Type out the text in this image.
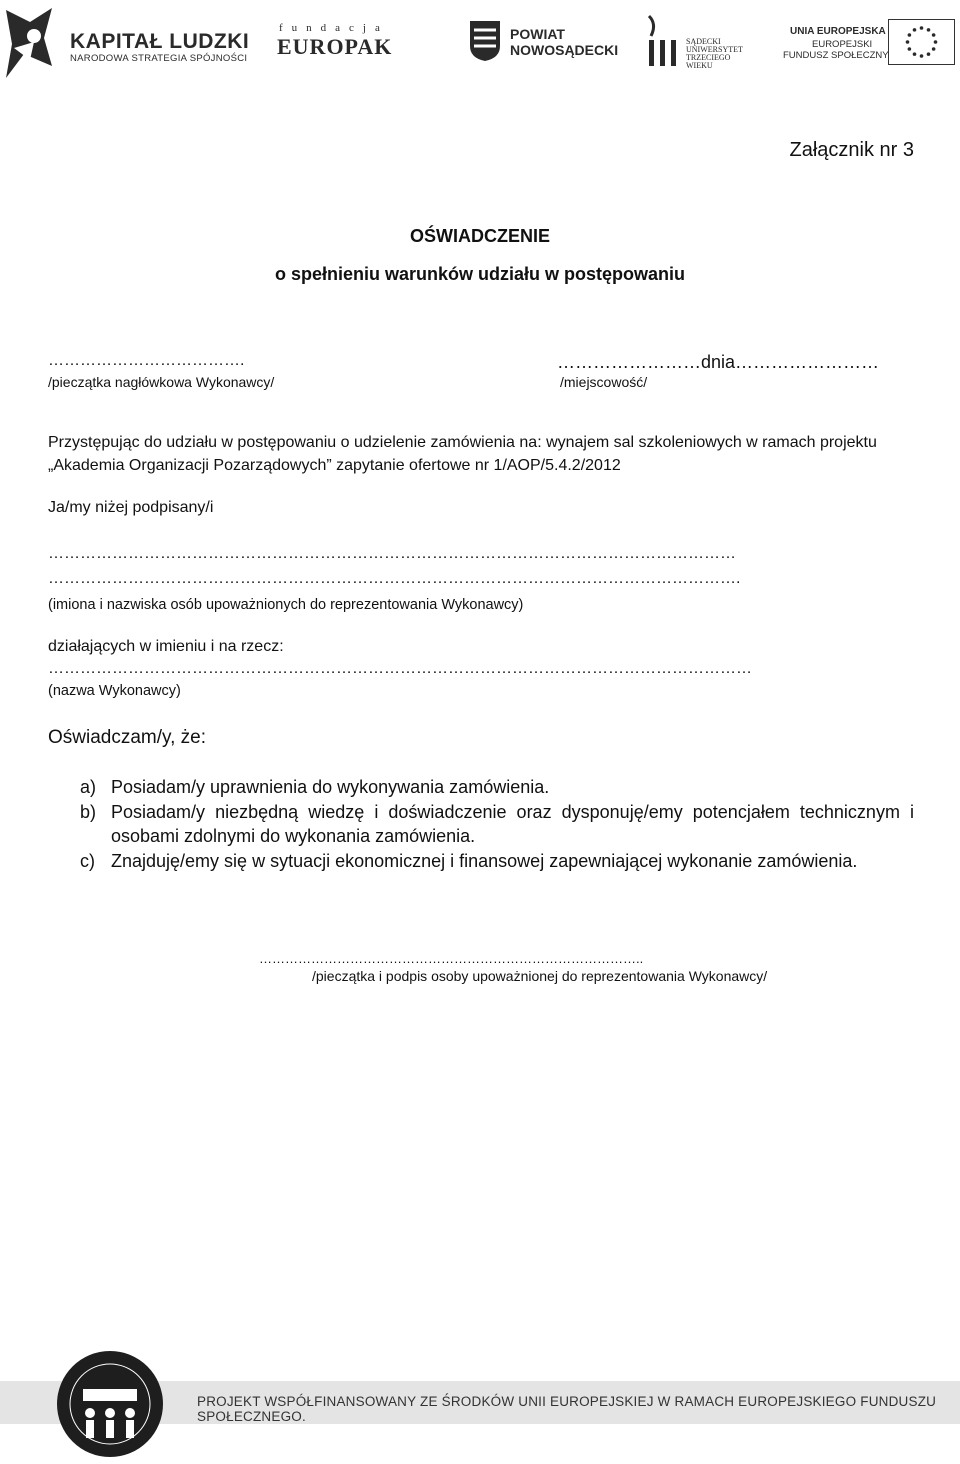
KAPITAŁ LUDZKI
NARODOWA STRATEGIA SPÓJNOŚCI
fundacja
EUROPAK	POWIAT
NOWOSĄDECKI
SĄDECKI
UNIWERSYTET
TRZECIEGO
WIEKU
UNIA EUROPEJSKA
EUROPEJSKI
FUNDUSZ SPOŁECZNY
Załącznik nr 3
OŚWIADCZENIE
o spełnieniu warunków udziału w postępowaniu
……………………………….
/pieczątka nagłówkowa Wykonawcy/
……………………dnia……………………
/miejscowość/
Przystępując do udziału w postępowaniu o udzielenie zamówienia na: wynajem sal szkoleniowych w ramach projektu „Akademia Organizacji Pozarządowych” zapytanie ofertowe nr 1/AOP/5.4.2/2012
Ja/my niżej podpisany/i
…………………………………………………………………………………………………………………
………………………………………………………………………………………………………………….
(imiona i nazwiska osób upoważnionych do reprezentowania Wykonawcy)
działających w imieniu i na rzecz:
……………………………………………………………………………………………………………………
(nazwa Wykonawcy)
Oświadczam/y, że:
a) Posiadam/y uprawnienia do wykonywania zamówienia.
b) Posiadam/y niezbędną wiedzę i doświadczenie oraz dysponuję/emy potencjałem technicznym i osobami zdolnymi do wykonania zamówienia.
c) Znajduję/emy się w sytuacji ekonomicznej i finansowej zapewniającej wykonanie zamówienia.
……………………………………………………………………………..
/pieczątka i podpis osoby upoważnionej do reprezentowania Wykonawcy/
PROJEKT WSPÓŁFINANSOWANY ZE ŚRODKÓW UNII EUROPEJSKIEJ W RAMACH EUROPEJSKIEGO FUNDUSZU SPOŁECZNEGO.
